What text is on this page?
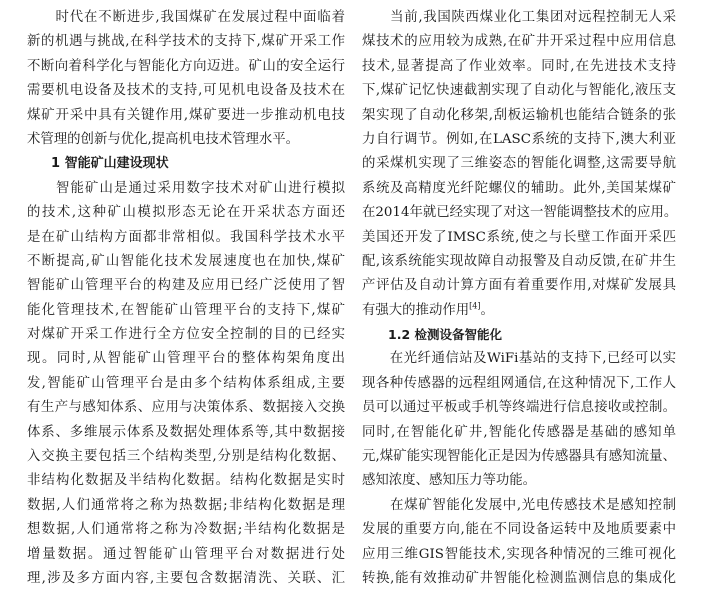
　　时代在不断进步,我国煤矿在发展过程中面临着
新的机遇与挑战,在科学技术的支持下,煤矿开采工作
不断向着科学化与智能化方向迈进。矿山的安全运行
需要机电设备及技术的支持,可见机电设备及技术在
煤矿开采中具有关键作用,煤矿要进一步推动机电技
术管理的创新与优化,提高机电技术管理水平。
1 智能矿山建设现状
　　智能矿山是通过采用数字技术对矿山进行模拟
的技术,这种矿山模拟形态无论在开采状态方面还
是在矿山结构方面都非常相似。我国科学技术水平
不断提高,矿山智能化技术发展速度也在加快,煤矿
智能矿山管理平台的构建及应用已经广泛使用了智
能化管理技术,在智能矿山管理平台的支持下,煤矿
对煤矿开采工作进行全方位安全控制的目的已经实
现。同时,从智能矿山管理平台的整体构架角度出
发,智能矿山管理平台是由多个结构体系组成,主要
有生产与感知体系、应用与决策体系、数据接入交换
体系、多维展示体系及数据处理体系等,其中数据接
入交换主要包括三个结构类型,分别是结构化数据、
非结构化数据及半结构化数据。结构化数据是实时
数据,人们通常将之称为热数据;非结构化数据是理
想数据,人们通常将之称为冷数据;半结构化数据是
增量数据。通过智能矿山管理平台对数据进行处
理,涉及多方面内容,主要包含数据清洗、关联、汇
　　当前,我国陕西煤业化工集团对远程控制无人采
煤技术的应用较为成熟,在矿井开采过程中应用信息
技术,显著提高了作业效率。同时,在先进技术支持
下,煤矿记忆快速截割实现了自动化与智能化,液压支
架实现了自动化移架,刮板运输机也能结合链条的张
力自行调节。例如,在LASC系统的支持下,澳大利亚
的采煤机实现了三维姿态的智能化调整,这需要导航
系统及高精度光纤陀螺仪的辅助。此外,美国某煤矿
在2014年就已经实现了对这一智能调整技术的应用。
美国还开发了IMSC系统,使之与长壁工作面开采匹
配,该系统能实现故障自动报警及自动反馈,在矿井生
产评估及自动计算方面有着重要作用,对煤矿发展具
有强大的推动作用[4]。
1.2 检测设备智能化
　　在光纤通信站及WiFi基站的支持下,已经可以实
现各种传感器的远程组网通信,在这种情况下,工作人
员可以通过平板或手机等终端进行信息接收或控制。
同时,在智能化矿井,智能化传感器是基础的感知单
元,煤矿能实现智能化正是因为传感器具有感知流量、
感知浓度、感知压力等功能。
　　在煤矿智能化发展中,光电传感技术是感知控制
发展的重要方向,能在不同设备运转中及地质要素中
应用三维GIS智能技术,实现各种情况的三维可视化
转换,能有效推动矿井智能化检测监测信息的集成化
